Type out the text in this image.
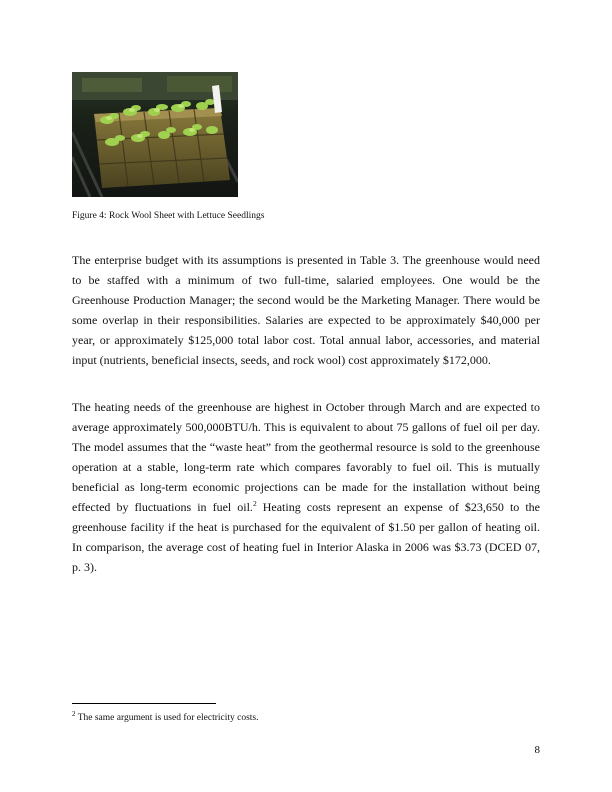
Figure 4: Rock Wool Sheet with Lettuce Seedlings

The enterprise budget with its assumptions is presented in Table 3. The greenhouse would need to be staffed with a minimum of two full-time, salaried employees. One would be the Greenhouse Production Manager; the second would be the Marketing Manager. There would be some overlap in their responsibilities. Salaries are expected to be approximately $40,000 per year, or approximately $125,000 total labor cost. Total annual labor, accessories, and material input (nutrients, beneficial insects, seeds, and rock wool) cost approximately $172,000.

The heating needs of the greenhouse are highest in October through March and are expected to average approximately 500,000BTU/h. This is equivalent to about 75 gallons of fuel oil per day. The model assumes that the “waste heat” from the geothermal resource is sold to the greenhouse operation at a stable, long-term rate which compares favorably to fuel oil. This is mutually beneficial as long-term economic projections can be made for the installation without being effected by fluctuations in fuel oil.$^2$ Heating costs represent an expense of $23,650 to the greenhouse facility if the heat is purchased for the equivalent of $1.50 per gallon of heating oil. In comparison, the average cost of heating fuel in Interior Alaska in 2006 was $3.73 (DCED 07, p. 3).

$^2$ The same argument is used for electricity costs.

8
